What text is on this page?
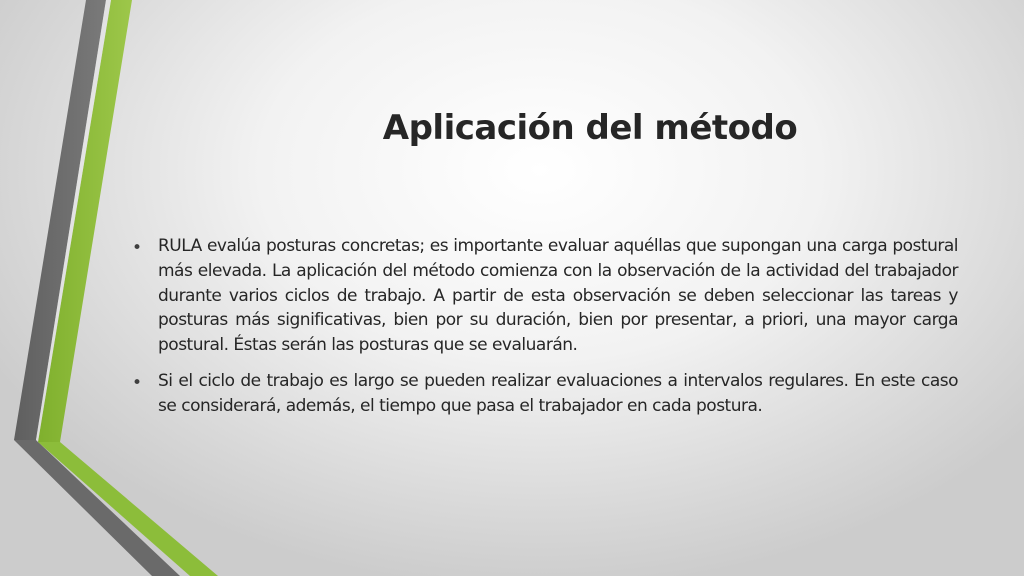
Aplicación del método
• RULA evalúa posturas concretas; es importante evaluar aquéllas que supongan una carga postural más elevada. La aplicación del método comienza con la observación de la actividad del trabajador durante varios ciclos de trabajo. A partir de esta observación se deben seleccionar las tareas y posturas más significativas, bien por su duración, bien por presentar, a priori, una mayor carga postural. Éstas serán las posturas que se evaluarán.
• Si el ciclo de trabajo es largo se pueden realizar evaluaciones a intervalos regulares. En este caso se considerará, además, el tiempo que pasa el trabajador en cada postura.
